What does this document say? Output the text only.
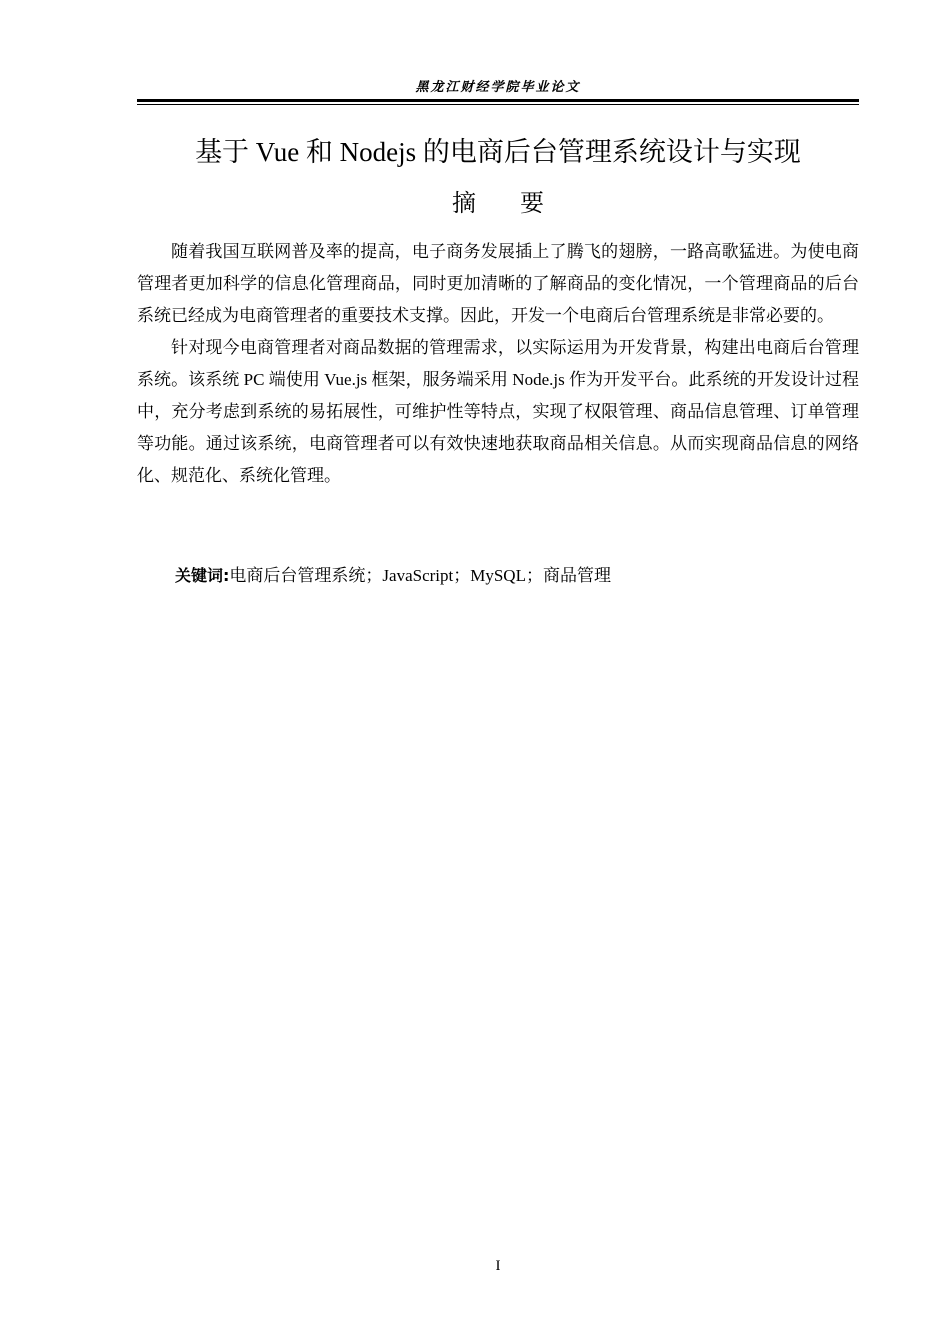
黑龙江财经学院毕业论文
基于 Vue 和 Nodejs 的电商后台管理系统设计与实现
摘要

随着我国互联网普及率的提高，电子商务发展插上了腾飞的翅膀，一路高歌猛进。为使电商管理者更加科学的信息化管理商品，同时更加清晰的了解商品的变化情况，一个管理商品的后台系统已经成为电商管理者的重要技术支撑。因此，开发一个电商后台管理系统是非常必要的。

针对现今电商管理者对商品数据的管理需求，以实际运用为开发背景，构建出电商后台管理系统。该系统 PC 端使用 Vue.js 框架，服务端采用 Node.js 作为开发平台。此系统的开发设计过程中，充分考虑到系统的易拓展性，可维护性等特点，实现了权限管理、商品信息管理、订单管理等功能。通过该系统，电商管理者可以有效快速地获取商品相关信息。从而实现商品信息的网络化、规范化、系统化管理。

关键词:电商后台管理系统；JavaScript；MySQL；商品管理
I
